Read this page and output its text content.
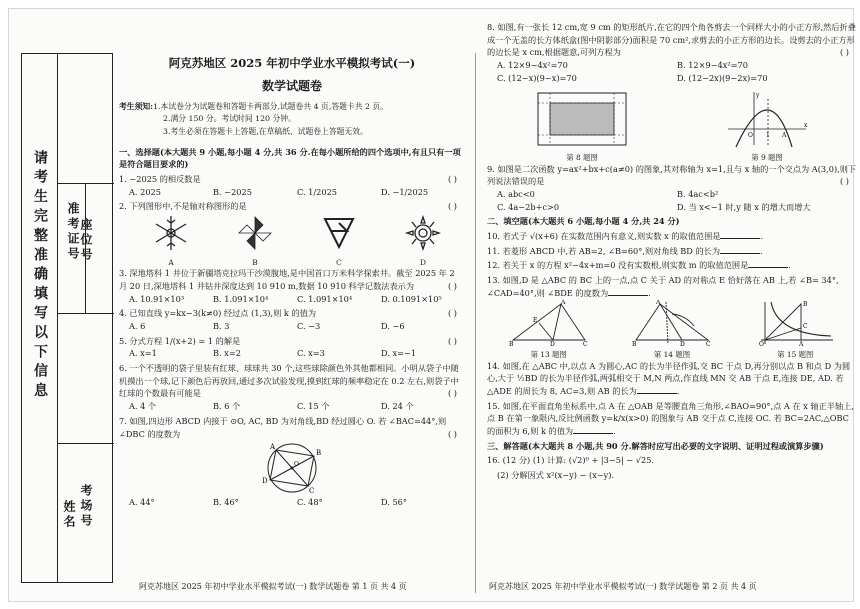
请考生完整准确填写以下信息	座位号
准考证号
考场号
姓名
阿克苏地区 2025 年初中学业水平模拟考试(一)
数学试题卷
考生须知:1.本试卷分为试题卷和答题卡两部分,试题卷共 4 页,答题卡共 2 页。
2.满分 150 分。考试时间 120 分钟。
3.考生必须在答题卡上答题,在草稿纸、试题卷上答题无效。
一、选择题(本大题共 9 小题,每小题 4 分,共 36 分.在每小题所给的四个选项中,有且只有一项是符合题目要求的)
1. −2025 的相反数是	( )
A. 2025	B. −2025	C. 1/2025	D. −1/2025
2. 下列图形中,不是轴对称图形的是	( )

A	B	C	D
3. 深地塔科 1 井位于新疆塔克拉玛干沙漠腹地,是中国首口万米科学探索井。截至 2025 年 2 月 20 日,深地塔科 1 井钻井深度达到 10 910 m,数据 10 910 科学记数法表示为	( )
A. 10.91×10³	B. 1.091×10⁴	C. 1.091×10⁴	D. 0.1091×10⁵
4. 已知直线 y=kx−3(k≠0) 经过点 (1,3),则 k 的值为	( )
A. 6	B. 3	C. −3	D. −6
5. 分式方程 1/(x+2) = 1 的解是	( )
A. x=1	B. x=2	C. x=3	D. x=−1
6. 一个不透明的袋子里装有红球、球球共 30 个,这些球除颜色外其他都相同。小明从袋子中随机摸出一个球,记下颜色后再放回,通过多次试验发现,摸到红球的频率稳定在 0.2 左右,则袋子中红球的个数最有可能是	( )
A. 4 个	B. 6 个	C. 15 个	D. 24 个
7. 如图,四边形 ABCD 内接于 ⊙O, AC, BD 为对角线,BD 经过圆心 O. 若 ∠BAC=44°,则 ∠DBC 的度数为	( )
A
B
C
D
O
A. 44°	B. 46°	C. 48°	D. 56°
8. 如图,有一张长 12 cm,宽 9 cm 的矩形纸片,在它的四个角各剪去一个同样大小的小正方形,然后折叠成一个无盖的长方体纸盒(图中阴影部分)面积是 70 cm²,求剪去的小正方形的边长。设剪去的小正方形的边长是 x cm,根据题意,可列方程为	( )
A. 12×9−4x²=70	B. 12×9−4x²=70
C. (12−x)(9−x)=70	D. (12−2x)(9−2x)=70

第 8 题图
O 1 A
x
y

第 9 题图
9. 如图是二次函数 y=ax²+bx+c(a≠0) 的图象,其对称轴为 x=1,且与 x 轴的一个交点为 A(3,0),则下列说法错误的是	( )
A. abc<0	B. 4ac<b²
C. 4a−2b+c>0	D. 当 x<−1 时,y 随 x 的增大而增大
二、填空题(本大题共 6 小题,每小题 4 分,共 24 分)
10. 若式子 √(x+6) 在实数范围内有意义,则实数 x 的取值范围是	.
11. 若菱形 ABCD 中,若 AB=2, ∠B=60°,则对角线 BD 的长为	.
12. 若关于 x 的方程 x²−4x+m=0 没有实数根,则实数 m 的取值范围是	.
13. 如图,D 是 △ABC 的 BC 上的一点,点 C 关于 AD 的对称点 E 恰好落在 AB 上,若 ∠B= 34°, ∠CAD=40°,则 ∠BDE 的度数为	.
B	C
A
D
E

第 13 题图
B	C
A
D

第 14 题图
O	A
B
C

第 15 题图
14. 如图,在 △ABC 中,以点 A 为圆心,AC 的长为半径作弧,交 BC 于点 D,再分别以点 B 和点 D 为圆心,大于 ½BD 的长为半径作弧,两弧相交于 M,N 两点,作直线 MN 交 AB 于点 E,连接 DE, AD. 若 △ADE 的周长为 8, AC=3,则 AB 的长为	.
15. 如图,在平面直角坐标系中,点 A 在 △OAB 是等腰直角三角形,∠BAO=90°,点 A 在 x 轴正半轴上,点 B 在第一象限内,反比例函数 y=k/x(x>0) 的图象与 AB 交于点 C,连接 OC. 若 BC=2AC,△OBC 的面积为 6,则 k 的值为	.
三、解答题(本大题共 8 小题,共 90 分.解答时应写出必要的文字说明、证明过程或演算步骤)
16. (12 分) (1) 计算: (√2)⁰ + |3−5| − √25.
(2) 分解因式 x²(x−y) − (x−y).
阿克苏地区 2025 年初中学业水平模拟考试(一) 数学试题卷 第 1 页 共 4 页	阿克苏地区 2025 年初中学业水平模拟考试(一) 数学试题卷 第 2 页 共 4 页
